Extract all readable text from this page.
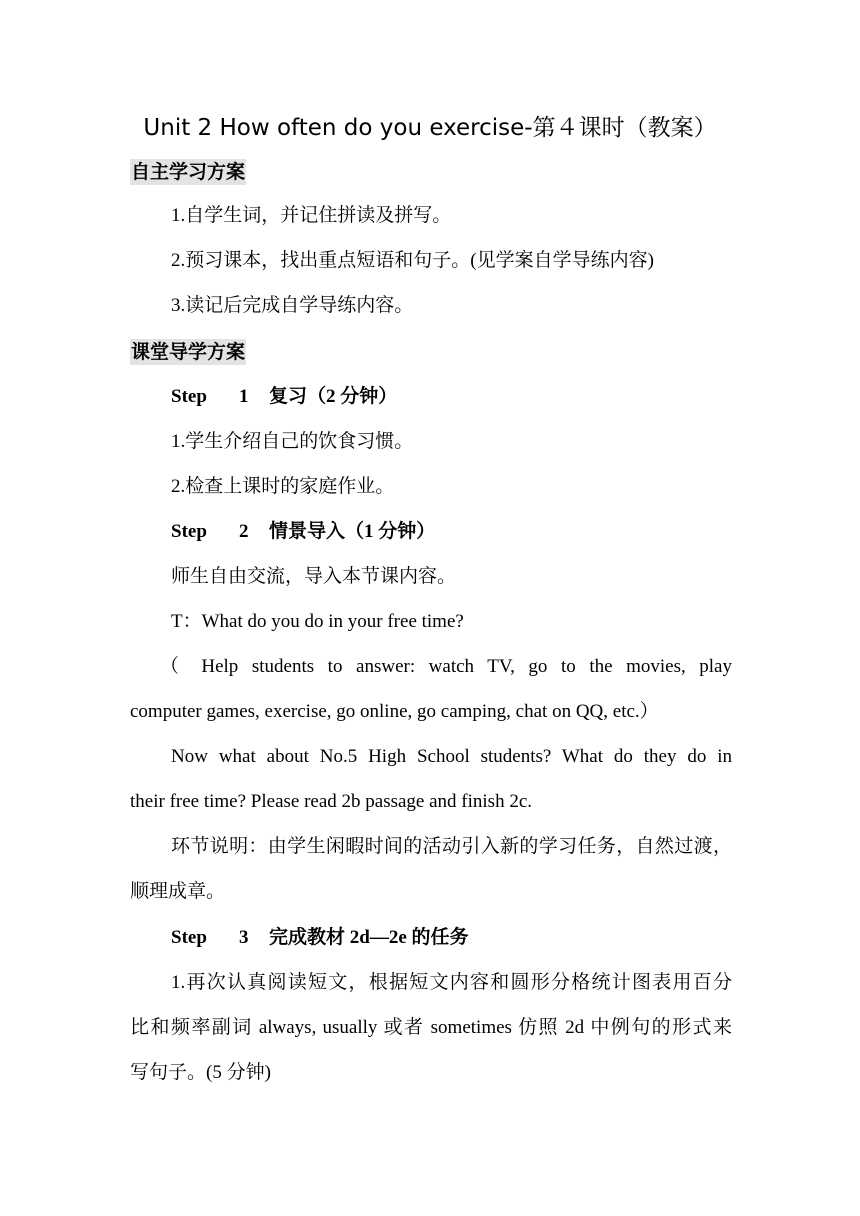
Unit 2 How often do you exercise-第４课时（教案）
自主学习方案
1.自学生词，并记住拼读及拼写。
2.预习课本，找出重点短语和句子。(见学案自学导练内容)
3.读记后完成自学导练内容。
课堂导学方案
Step 1 复习（2 分钟）
1.学生介绍自己的饮食习惯。
2.检查上课时的家庭作业。
Step 2 情景导入（1 分钟）
师生自由交流，导入本节课内容。
T：What do you do in your free time?
（ Help students to answer: watch TV, go to the movies, play
computer games, exercise, go online, go camping, chat on QQ, etc.）
Now what about No.5 High School students? What do they do in
their free time? Please read 2b passage and finish 2c.
环节说明：由学生闲暇时间的活动引入新的学习任务，自然过渡，
顺理成章。
Step 3 完成教材 2d—2e 的任务
1.再次认真阅读短文，根据短文内容和圆形分格统计图表用百分
比和频率副词 always, usually 或者 sometimes 仿照 2d 中例句的形式来
写句子。(5 分钟)
